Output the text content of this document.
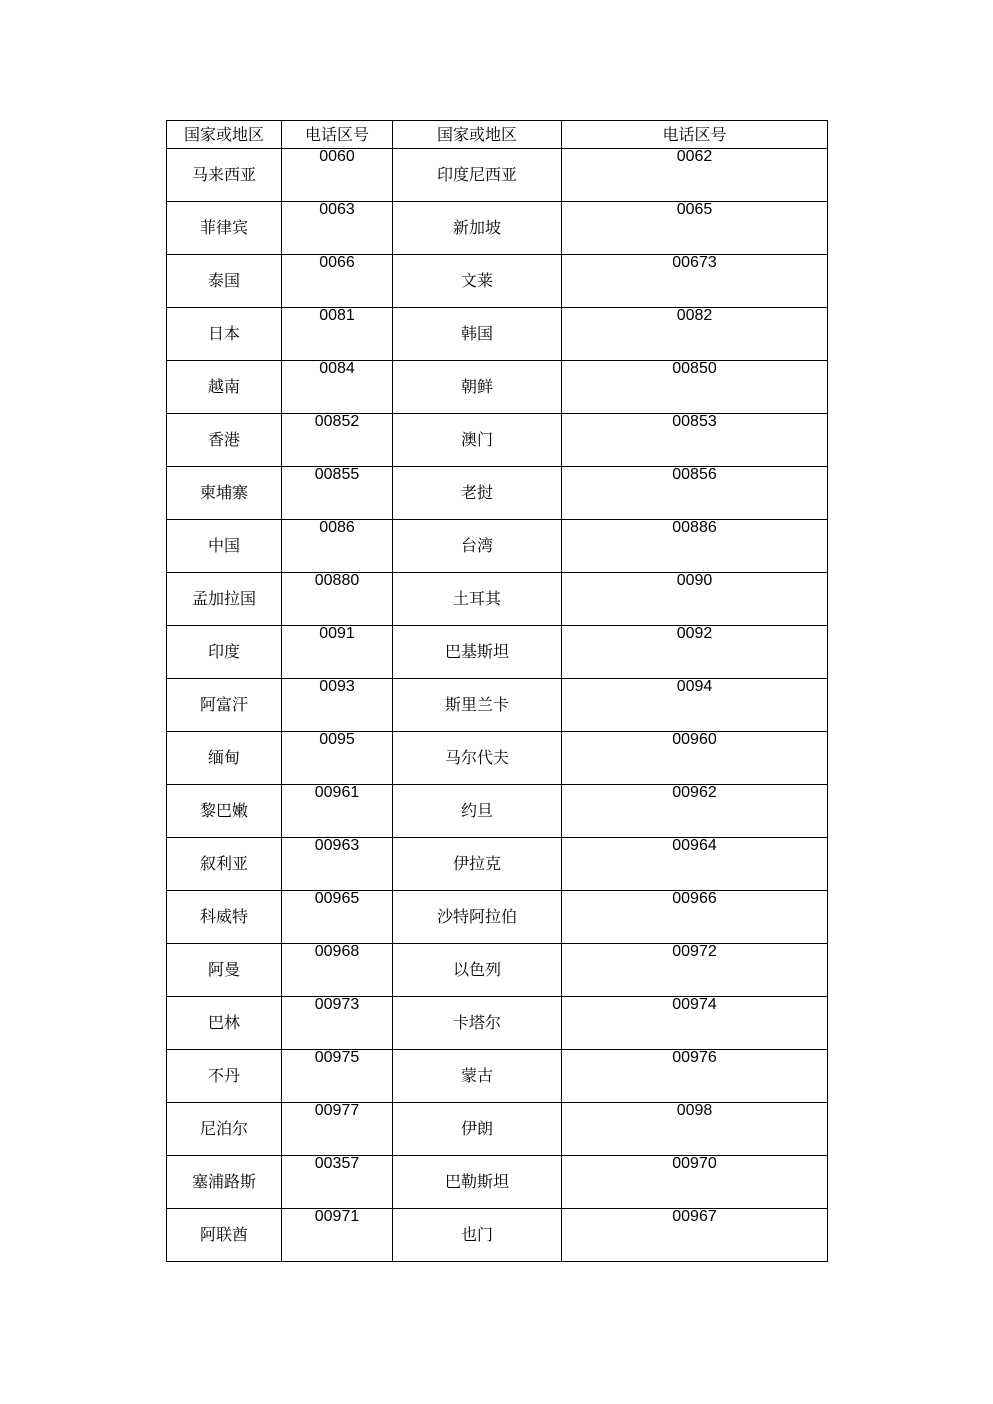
国家或地区	电话区号	国家或地区	电话区号
马来西亚	0060	印度尼西亚	0062
菲律宾	0063	新加坡	0065
泰国	0066	文莱	00673
日本	0081	韩国	0082
越南	0084	朝鲜	00850
香港	00852	澳门	00853
柬埔寨	00855	老挝	00856
中国	0086	台湾	00886
孟加拉国	00880	土耳其	0090
印度	0091	巴基斯坦	0092
阿富汗	0093	斯里兰卡	0094
缅甸	0095	马尔代夫	00960
黎巴嫩	00961	约旦	00962
叙利亚	00963	伊拉克	00964
科威特	00965	沙特阿拉伯	00966
阿曼	00968	以色列	00972
巴林	00973	卡塔尔	00974
不丹	00975	蒙古	00976
尼泊尔	00977	伊朗	0098
塞浦路斯	00357	巴勒斯坦	00970
阿联酋	00971	也门	00967
